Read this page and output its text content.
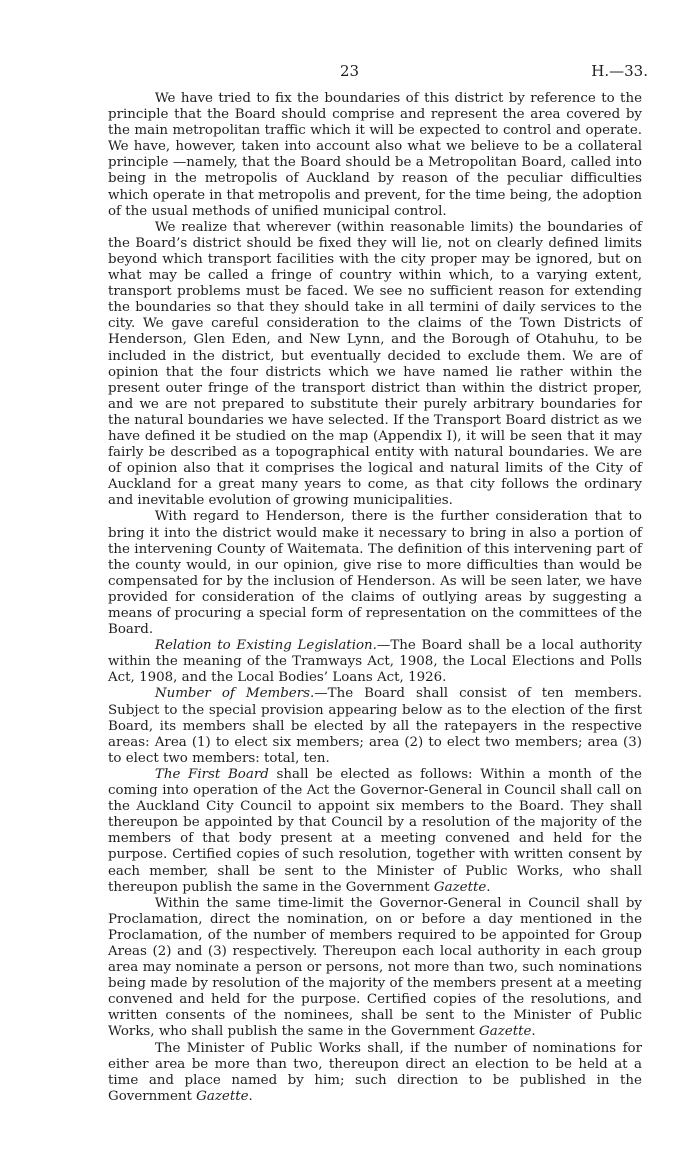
23	H.—33.

We have tried to fix the boundaries of this district by reference to the principle that the Board should comprise and represent the area covered by the main metropolitan traffic which it will be expected to control and operate. We have, however, taken into account also what we believe to be a collateral principle —namely, that the Board should be a Metropolitan Board, called into being in the metropolis of Auckland by reason of the peculiar difficulties which operate in that metropolis and prevent, for the time being, the adoption of the usual methods of unified municipal control.

We realize that wherever (within reasonable limits) the boundaries of the Board’s district should be fixed they will lie, not on clearly defined limits beyond which transport facilities with the city proper may be ignored, but on what may be called a fringe of country within which, to a varying extent, transport problems must be faced. We see no sufficient reason for extending the boundaries so that they should take in all termini of daily services to the city. We gave careful consideration to the claims of the Town Districts of Henderson, Glen Eden, and New Lynn, and the Borough of Otahuhu, to be included in the district, but eventually decided to exclude them. We are of opinion that the four districts which we have named lie rather within the present outer fringe of the transport district than within the district proper, and we are not prepared to substitute their purely arbitrary boundaries for the natural boundaries we have selected. If the Transport Board district as we have defined it be studied on the map (Appendix I), it will be seen that it may fairly be described as a topographical entity with natural boundaries. We are of opinion also that it comprises the logical and natural limits of the City of Auckland for a great many years to come, as that city follows the ordinary and inevitable evolution of growing municipalities.

With regard to Henderson, there is the further consideration that to bring it into the district would make it necessary to bring in also a portion of the intervening County of Waitemata. The definition of this intervening part of the county would, in our opinion, give rise to more difficulties than would be compensated for by the inclusion of Henderson. As will be seen later, we have provided for consideration of the claims of outlying areas by suggesting a means of procuring a special form of representation on the committees of the Board.

Relation to Existing Legislation.—The Board shall be a local authority within the meaning of the Tramways Act, 1908, the Local Elections and Polls Act, 1908, and the Local Bodies’ Loans Act, 1926.

Number of Members.—The Board shall consist of ten members. Subject to the special provision appearing below as to the election of the first Board, its members shall be elected by all the ratepayers in the respective areas: Area (1) to elect six members; area (2) to elect two members; area (3) to elect two members: total, ten.

The First Board shall be elected as follows: Within a month of the coming into operation of the Act the Governor-General in Council shall call on the Auckland City Council to appoint six members to the Board. They shall thereupon be appointed by that Council by a resolution of the majority of the members of that body present at a meeting convened and held for the purpose. Certified copies of such resolution, together with written consent by each member, shall be sent to the Minister of Public Works, who shall thereupon publish the same in the Government Gazette.

Within the same time-limit the Governor-General in Council shall by Proclamation, direct the nomination, on or before a day mentioned in the Proclamation, of the number of members required to be appointed for Group Areas (2) and (3) respectively. Thereupon each local authority in each group area may nominate a person or persons, not more than two, such nominations being made by resolution of the majority of the members present at a meeting convened and held for the purpose. Certified copies of the resolutions, and written consents of the nominees, shall be sent to the Minister of Public Works, who shall publish the same in the Government Gazette.

The Minister of Public Works shall, if the number of nominations for either area be more than two, thereupon direct an election to be held at a time and place named by him; such direction to be published in the Government Gazette.
